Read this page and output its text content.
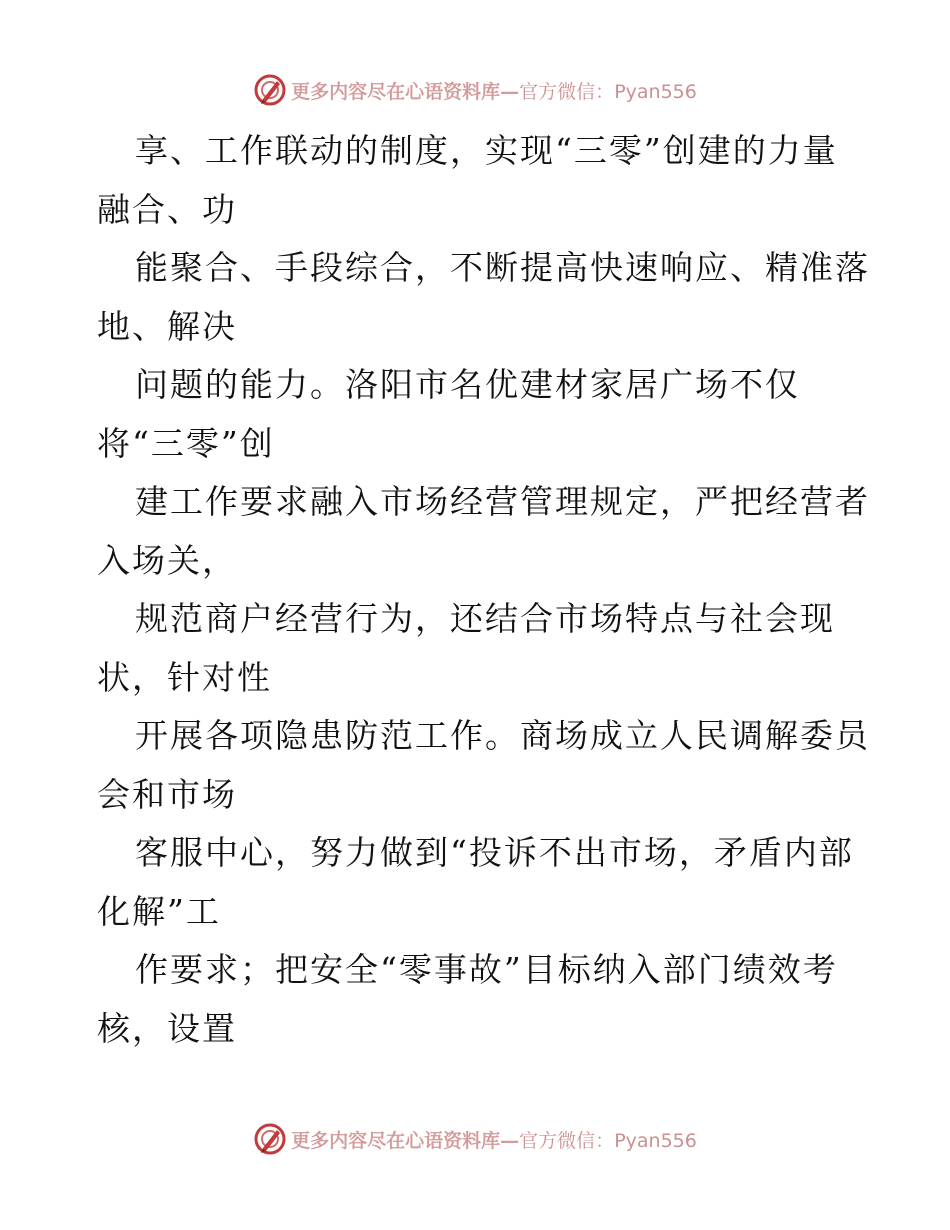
更多内容尽在心语资料库—官方微信：Pyan556
享、工作联动的制度，实现“三零”创建的力量
融合、功
能聚合、手段综合，不断提高快速响应、精准落
地、解决
问题的能力。洛阳市名优建材家居广场不仅
将“三零”创
建工作要求融入市场经营管理规定，严把经营者
入场关，
规范商户经营行为，还结合市场特点与社会现
状，针对性
开展各项隐患防范工作。商场成立人民调解委员
会和市场
客服中心，努力做到“投诉不出市场，矛盾内部
化解”工
作要求；把安全“零事故”目标纳入部门绩效考
核，设置
更多内容尽在心语资料库—官方微信：Pyan556
